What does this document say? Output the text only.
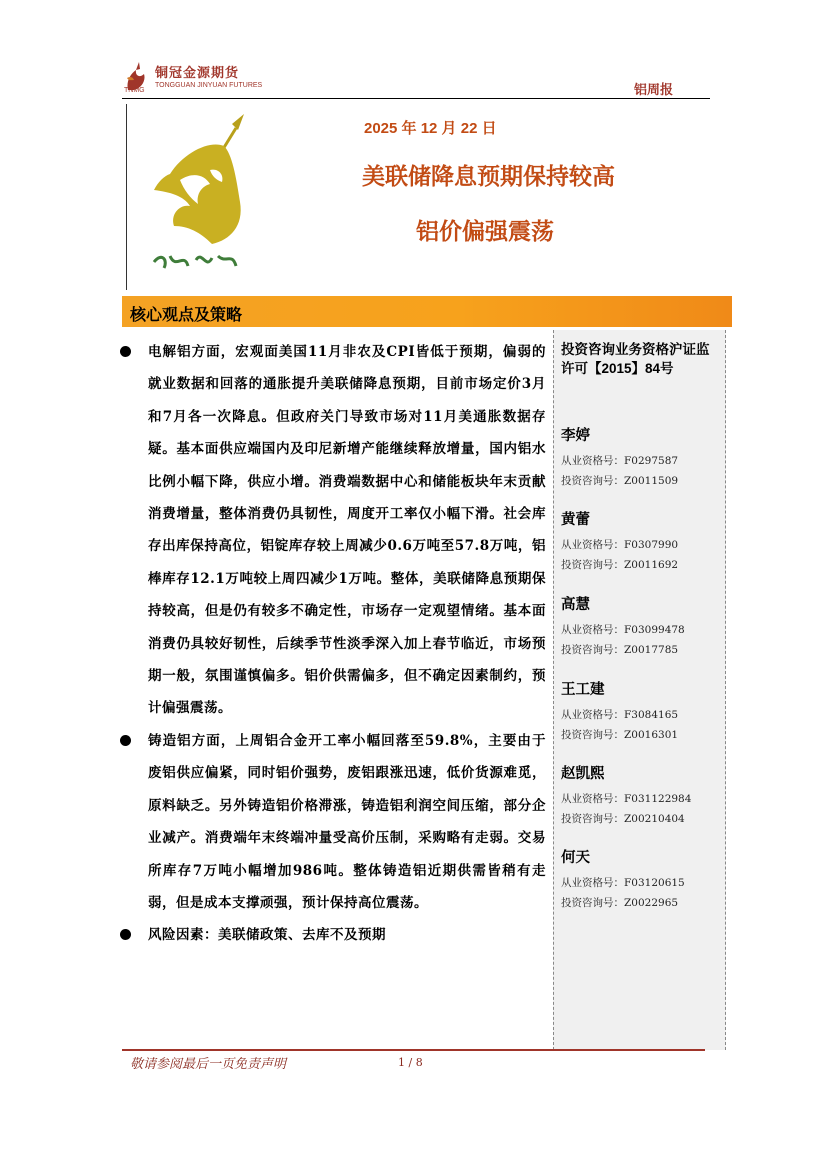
铜冠金源期货
TONGGUAN JINYUAN FUTURES
TNMG	铝周报
2025 年 12 月 22 日
美联储降息预期保持较高
铝价偏强震荡
核心观点及策略

电解铝方面，宏观面美国11月非农及CPI皆低于预期，偏弱的就业数据和回落的通胀提升美联储降息预期，目前市场定价3月和7月各一次降息。但政府关门导致市场对11月美通胀数据存疑。基本面供应端国内及印尼新增产能继续释放增量，国内铝水比例小幅下降，供应小增。消费端数据中心和储能板块年末贡献消费增量，整体消费仍具韧性，周度开工率仅小幅下滑。社会库存出库保持高位，铝锭库存较上周减少0.6万吨至57.8万吨，铝棒库存12.1万吨较上周四减少1万吨。整体，美联储降息预期保持较高，但是仍有较多不确定性，市场存一定观望情绪。基本面消费仍具较好韧性，后续季节性淡季深入加上春节临近，市场预期一般，氛围谨慎偏多。铝价供需偏多，但不确定因素制约，预计偏强震荡。

铸造铝方面，上周铝合金开工率小幅回落至59.8%，主要由于废铝供应偏紧，同时铝价强势，废铝跟涨迅速，低价货源难觅，原料缺乏。另外铸造铝价格滞涨，铸造铝利润空间压缩，部分企业减产。消费端年末终端冲量受高价压制，采购略有走弱。交易所库存7万吨小幅增加986吨。整体铸造铝近期供需皆稍有走弱，但是成本支撑顽强，预计保持高位震荡。

风险因素：美联储政策、去库不及预期

投资咨询业务资格沪证监许可【2015】84号
李婷
从业资格号：F0297587
投资咨询号：Z0011509
黄蕾
从业资格号：F0307990
投资咨询号：Z0011692
高慧
从业资格号：F03099478
投资咨询号：Z0017785
王工建
从业资格号：F3084165
投资咨询号：Z0016301
赵凯熙
从业资格号：F031122984
投资咨询号：Z00210404
何天
从业资格号：F03120615
投资咨询号：Z0022965
敬请参阅最后一页免责声明	1 / 8
